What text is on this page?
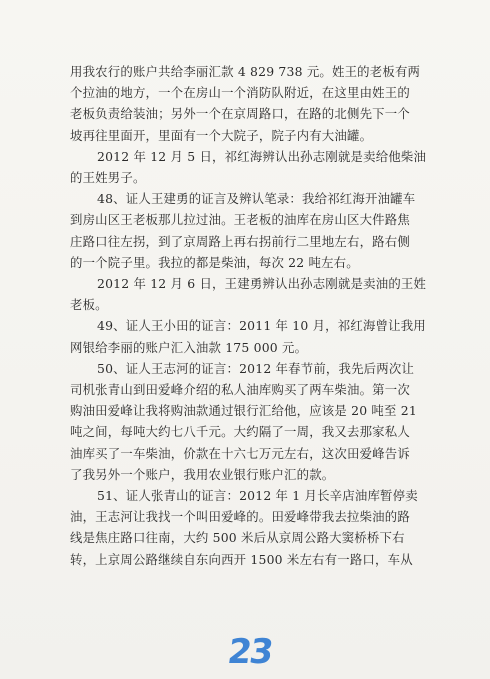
用我农行的账户共给李丽汇款 4 829 738 元。姓王的老板有两
个拉油的地方，一个在房山一个消防队附近，在这里由姓王的
老板负责给装油；另外一个在京周路口，在路的北侧先下一个
坡再往里面开，里面有一个大院子，院子内有大油罐。
2012 年 12 月 5 日，祁红海辨认出孙志刚就是卖给他柴油
的王姓男子。
48、证人王建勇的证言及辨认笔录：我给祁红海开油罐车
到房山区王老板那儿拉过油。王老板的油库在房山区大件路焦
庄路口往左拐，到了京周路上再右拐前行二里地左右，路右侧
的一个院子里。我拉的都是柴油，每次 22 吨左右。
2012 年 12 月 6 日，王建勇辨认出孙志刚就是卖油的王姓
老板。
49、证人王小田的证言：2011 年 10 月，祁红海曾让我用
网银给李丽的账户汇入油款 175 000 元。
50、证人王志河的证言：2012 年春节前，我先后两次让
司机张青山到田爱峰介绍的私人油库购买了两车柴油。第一次
购油田爱峰让我将购油款通过银行汇给他，应该是 20 吨至 21
吨之间，每吨大约七八千元。大约隔了一周，我又去那家私人
油库买了一车柴油，价款在十六七万元左右，这次田爱峰告诉
了我另外一个账户，我用农业银行账户汇的款。
51、证人张青山的证言：2012 年 1 月长辛店油库暂停卖
油，王志河让我找一个叫田爱峰的。田爱峰带我去拉柴油的路
线是焦庄路口往南，大约 500 米后从京周公路大窦桥桥下右
转，上京周公路继续自东向西开 1500 米左右有一路口，车从
23
